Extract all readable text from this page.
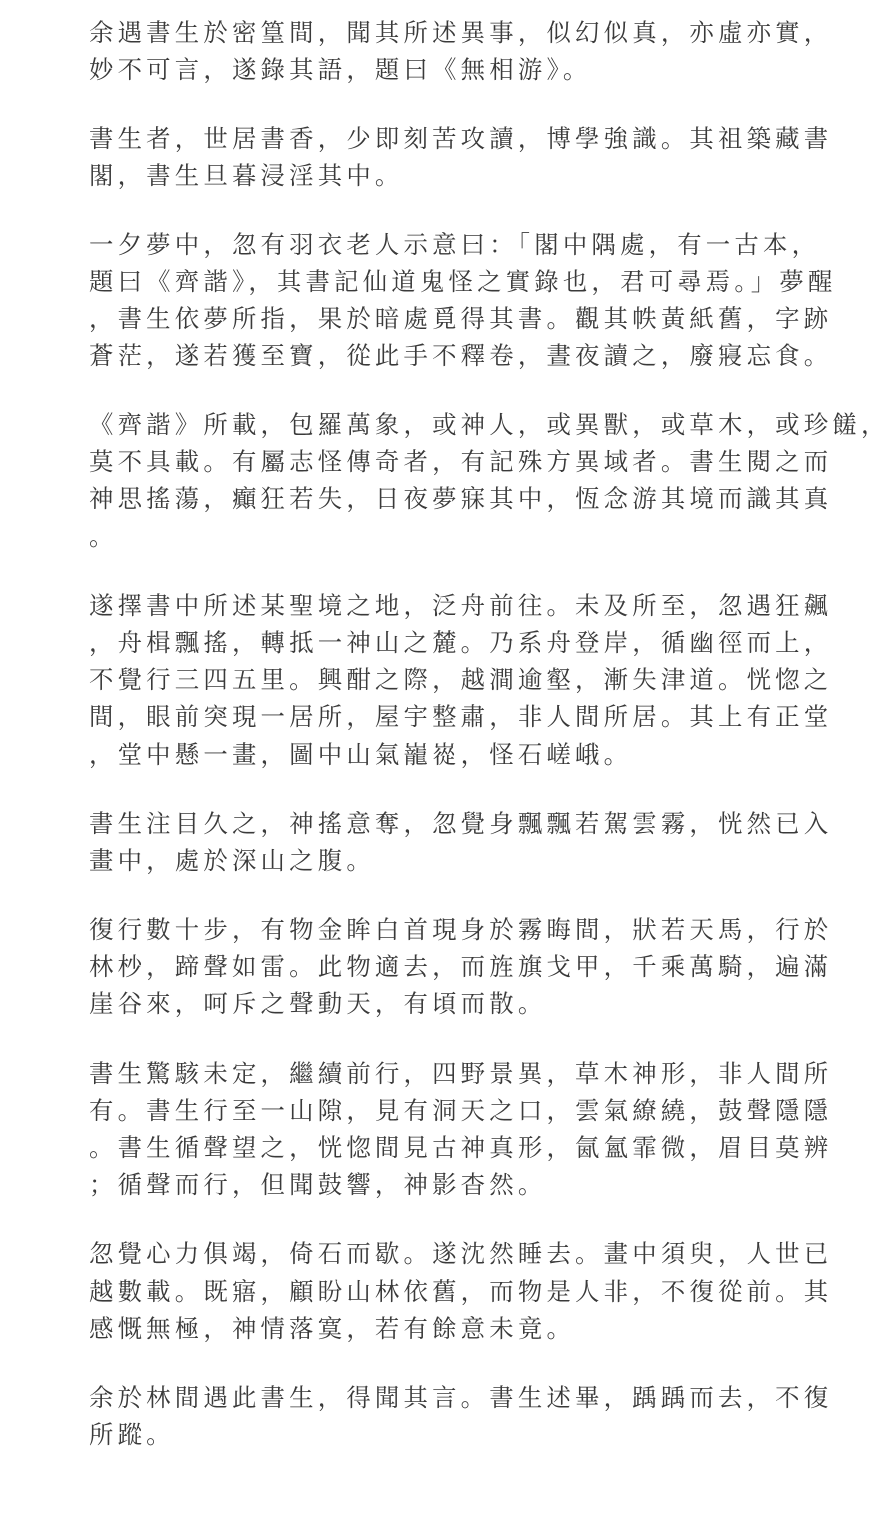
余遇書生於密篁間，聞其所述異事，似幻似真，亦虛亦實，
妙不可言，遂錄其語，題曰《無相游》。
書生者，世居書香，少即刻苦攻讀，博學強識。其祖築藏書
閣，書生旦暮浸淫其中。
一夕夢中，忽有羽衣老人示意曰：「閣中隅處，有一古本，
題曰《齊諧》，其書記仙道鬼怪之實錄也，君可尋焉。」夢醒
，書生依夢所指，果於暗處覓得其書。觀其帙黃紙舊，字跡
蒼茫，遂若獲至寶，從此手不釋卷，晝夜讀之，廢寢忘食。
《齊諧》所載，包羅萬象，或神人，或異獸，或草木，或珍饈，
莫不具載。有屬志怪傳奇者，有記殊方異域者。書生閱之而
神思搖蕩，癲狂若失，日夜夢寐其中，恆念游其境而識其真
。
遂擇書中所述某聖境之地，泛舟前往。未及所至，忽遇狂飆
，舟楫飄搖，轉抵一神山之麓。乃系舟登岸，循幽徑而上，
不覺行三四五里。興酣之際，越澗逾壑，漸失津道。恍惚之
間，眼前突現一居所，屋宇整肅，非人間所居。其上有正堂
，堂中懸一畫，圖中山氣巃嵸，怪石嵯峨。
書生注目久之，神搖意奪，忽覺身飄飄若駕雲霧，恍然已入
畫中，處於深山之腹。
復行數十步，有物金眸白首現身於霧晦間，狀若天馬，行於
林杪，蹄聲如雷。此物適去，而旌旗戈甲，千乘萬騎，遍滿
崖谷來，呵斥之聲動天，有頃而散。
書生驚駭未定，繼續前行，四野景異，草木神形，非人間所
有。書生行至一山隙，見有洞天之口，雲氣繚繞，鼓聲隱隱
。書生循聲望之，恍惚間見古神真形，氤氳霏微，眉目莫辨
；循聲而行，但聞鼓響，神影杳然。
忽覺心力俱竭，倚石而歇。遂沈然睡去。畫中須臾，人世已
越數載。既寤，顧盼山林依舊，而物是人非，不復從前。其
感慨無極，神情落寞，若有餘意未竟。
余於林間遇此書生，得聞其言。書生述畢，踽踽而去，不復
所蹤。
